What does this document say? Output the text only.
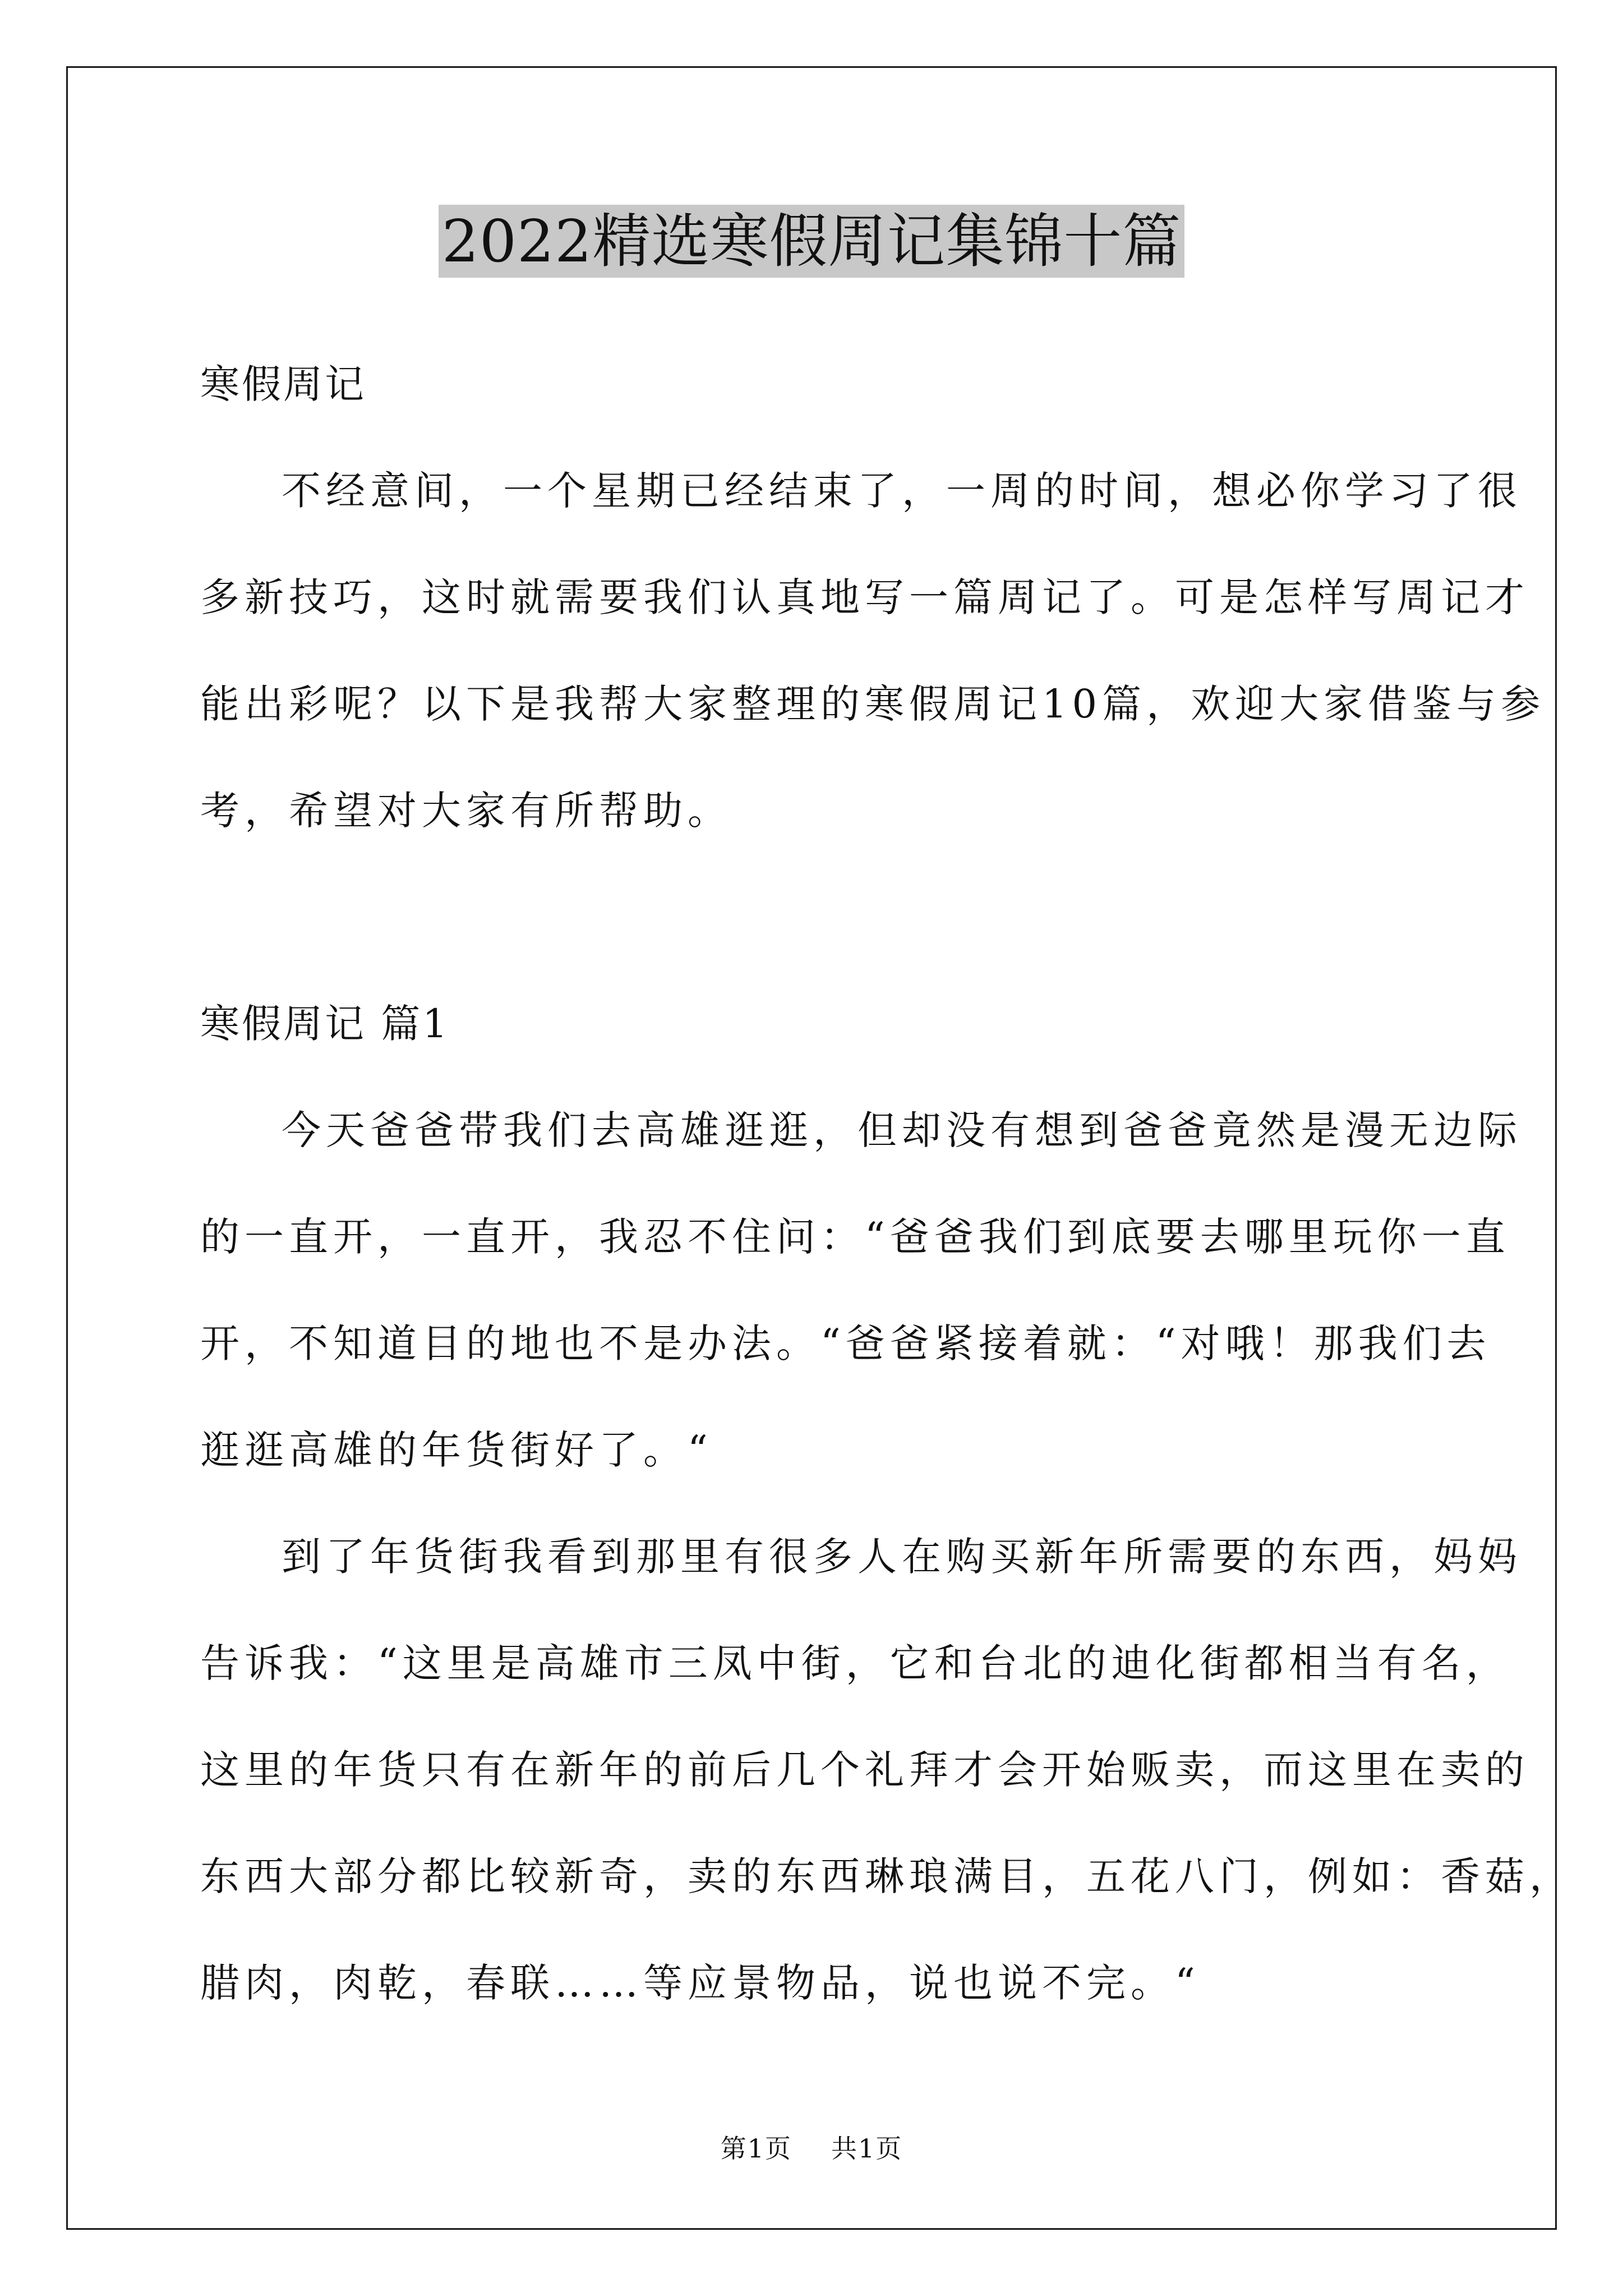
2022精选寒假周记集锦十篇
寒假周记
不经意间，一个星期已经结束了，一周的时间，想必你学习了很
多新技巧，这时就需要我们认真地写一篇周记了。可是怎样写周记才
能出彩呢？以下是我帮大家整理的寒假周记10篇，欢迎大家借鉴与参
考，希望对大家有所帮助。
寒假周记 篇1
今天爸爸带我们去高雄逛逛，但却没有想到爸爸竟然是漫无边际
的一直开，一直开，我忍不住问：“爸爸我们到底要去哪里玩你一直
开，不知道目的地也不是办法。“爸爸紧接着就：“对哦！那我们去
逛逛高雄的年货街好了。“
到了年货街我看到那里有很多人在购买新年所需要的东西，妈妈
告诉我：“这里是高雄市三凤中街，它和台北的迪化街都相当有名，
这里的年货只有在新年的前后几个礼拜才会开始贩卖，而这里在卖的
东西大部分都比较新奇，卖的东西琳琅满目，五花八门，例如：香菇，
腊肉，肉乾，春联……等应景物品，说也说不完。“
第1页 共1页
